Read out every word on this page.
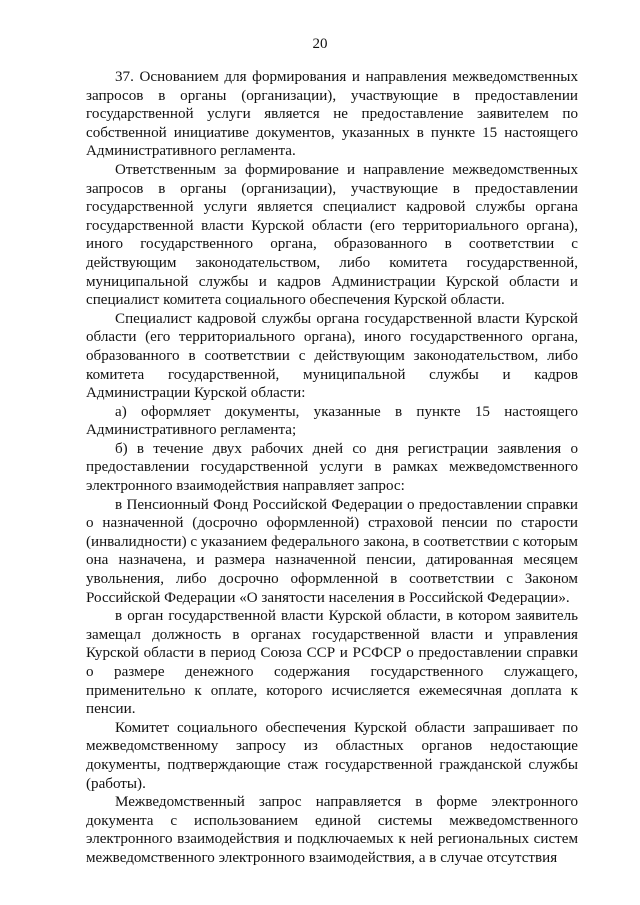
20

37. Основанием для формирования и направления межведомственных запросов в органы (организации), участвующие в предоставлении государственной услуги является не предоставление заявителем по собственной инициативе документов, указанных в пункте 15 настоящего Административного регламента.

Ответственным за формирование и направление межведомственных запросов в органы (организации), участвующие в предоставлении государственной услуги является специалист кадровой службы органа государственной власти Курской области (его территориального органа), иного государственного органа, образованного в соответствии с действующим законодательством, либо комитета государственной, муниципальной службы и кадров Администрации Курской области и специалист комитета социального обеспечения Курской области.

Специалист кадровой службы органа государственной власти Курской области (его территориального органа), иного государственного органа, образованного в соответствии с действующим законодательством, либо комитета государственной, муниципальной службы и кадров Администрации Курской области:

а) оформляет документы, указанные в пункте 15 настоящего Административного регламента;

б) в течение двух рабочих дней со дня регистрации заявления о предоставлении государственной услуги в рамках межведомственного электронного взаимодействия направляет запрос:

в Пенсионный Фонд Российской Федерации о предоставлении справки о назначенной (досрочно оформленной) страховой пенсии по старости (инвалидности) с указанием федерального закона, в соответствии с которым она назначена, и размера назначенной пенсии, датированная месяцем увольнения, либо досрочно оформленной в соответствии с Законом Российской Федерации «О занятости населения в Российской Федерации».

в орган государственной власти Курской области, в котором заявитель замещал должность в органах государственной власти и управления Курской области в период Союза ССР и РСФСР о предоставлении справки о размере денежного содержания государственного служащего, применительно к оплате, которого исчисляется ежемесячная доплата к пенсии.

Комитет социального обеспечения Курской области запрашивает по межведомственному запросу из областных органов недостающие документы, подтверждающие стаж государственной гражданской службы (работы).

Межведомственный запрос направляется в форме электронного документа с использованием единой системы межведомственного электронного взаимодействия и подключаемых к ней региональных систем межведомственного электронного взаимодействия, а в случае отсутствия
